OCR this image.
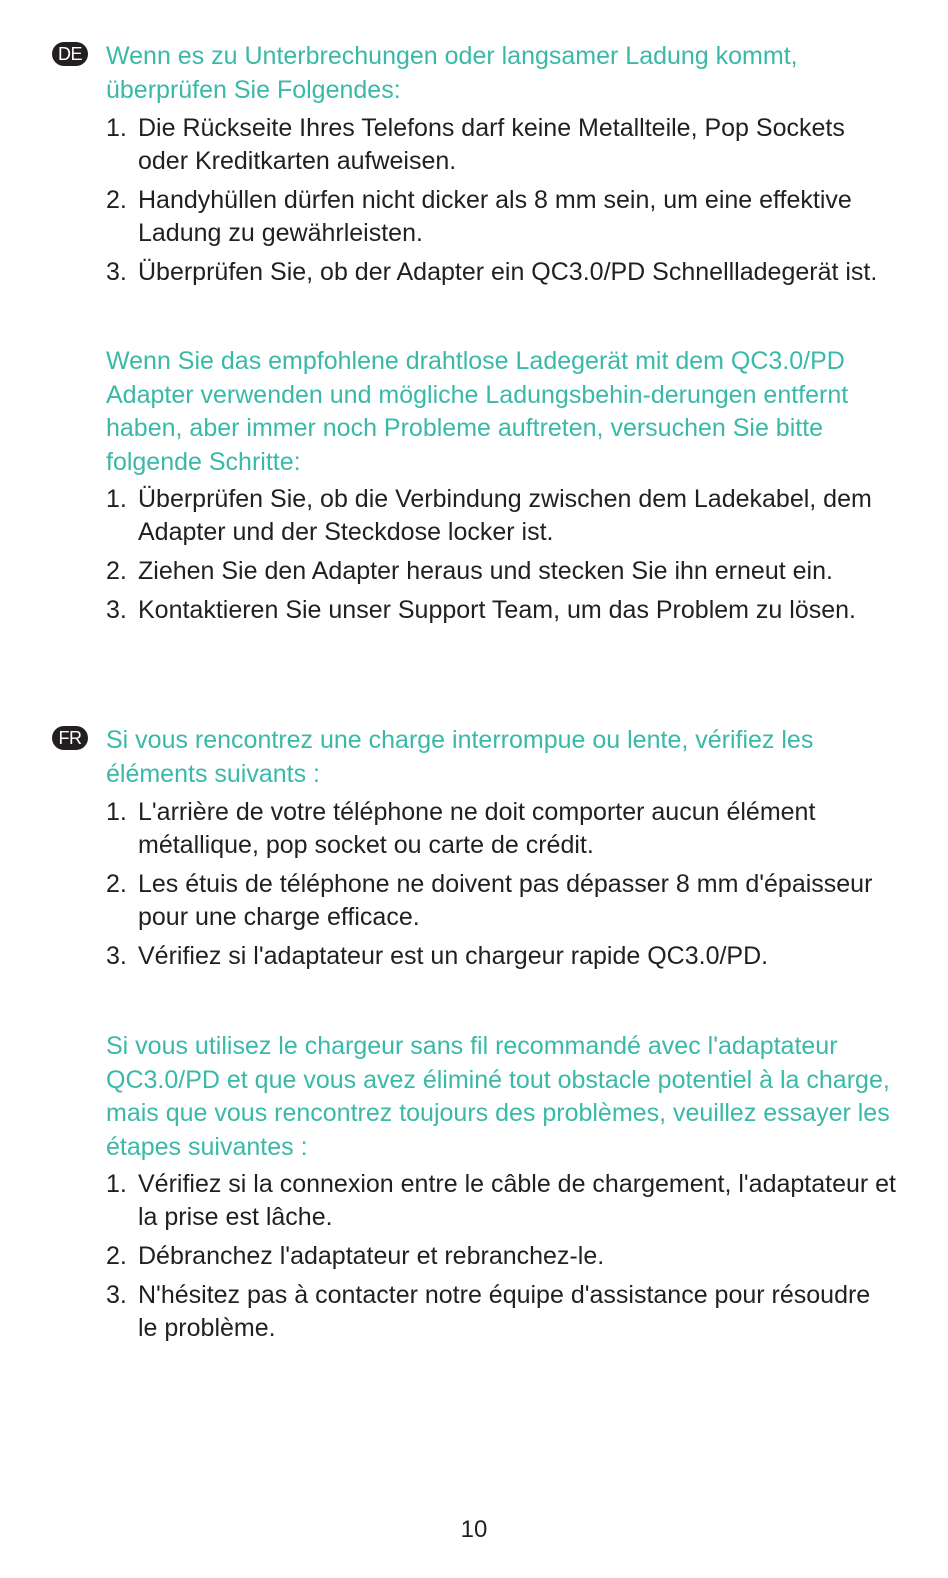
DE Wenn es zu Unterbrechungen oder langsamer Ladung kommt, überprüfen Sie Folgendes:

1. Die Rückseite Ihres Telefons darf keine Metallteile, Pop Sockets oder Kreditkarten aufweisen.
2. Handyhüllen dürfen nicht dicker als 8 mm sein, um eine effektive Ladung zu gewährleisten.
3. Überprüfen Sie, ob der Adapter ein QC3.0/PD Schnellladegerät ist.

Wenn Sie das empfohlene drahtlose Ladegerät mit dem QC3.0/PD Adapter verwenden und mögliche Ladungsbehin-derungen entfernt haben, aber immer noch Probleme auftreten, versuchen Sie bitte folgende Schritte:

1. Überprüfen Sie, ob die Verbindung zwischen dem Ladekabel, dem Adapter und der Steckdose locker ist.
2. Ziehen Sie den Adapter heraus und stecken Sie ihn erneut ein.
3. Kontaktieren Sie unser Support Team, um das Problem zu lösen.
FR Si vous rencontrez une charge interrompue ou lente, vérifiez les éléments suivants :

1. L'arrière de votre téléphone ne doit comporter aucun élément métallique, pop socket ou carte de crédit.
2. Les étuis de téléphone ne doivent pas dépasser 8 mm d'épaisseur pour une charge efficace.
3. Vérifiez si l'adaptateur est un chargeur rapide QC3.0/PD.

Si vous utilisez le chargeur sans fil recommandé avec l'adaptateur QC3.0/PD et que vous avez éliminé tout obstacle potentiel à la charge, mais que vous rencontrez toujours des problèmes, veuillez essayer les étapes suivantes :

1. Vérifiez si la connexion entre le câble de chargement, l'adaptateur et la prise est lâche.
2. Débranchez l'adaptateur et rebranchez-le.
3. N'hésitez pas à contacter notre équipe d'assistance pour résoudre le problème.
10
